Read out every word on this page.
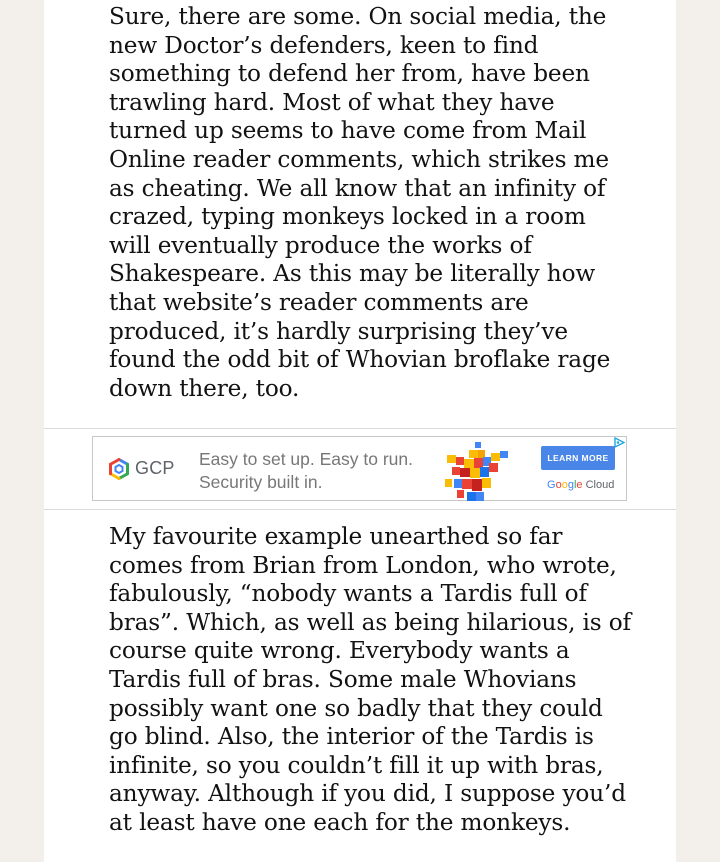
Sure, there are some. On social media, the
new Doctor’s defenders, keen to find
something to defend her from, have been
trawling hard. Most of what they have
turned up seems to have come from Mail
Online reader comments, which strikes me
as cheating. We all know that an infinity of
crazed, typing monkeys locked in a room
will eventually produce the works of
Shakespeare. As this may be literally how
that website’s reader comments are
produced, it’s hardly surprising they’ve
found the odd bit of Whovian broflake rage
down there, too.

GCP Easy to set up. Easy to run.
Security built in.
LEARN MORE
Google Cloud

My favourite example unearthed so far
comes from Brian from London, who wrote,
fabulously, “nobody wants a Tardis full of
bras”. Which, as well as being hilarious, is of
course quite wrong. Everybody wants a
Tardis full of bras. Some male Whovians
possibly want one so badly that they could
go blind. Also, the interior of the Tardis is
infinite, so you couldn’t fill it up with bras,
anyway. Although if you did, I suppose you’d
at least have one each for the monkeys.
